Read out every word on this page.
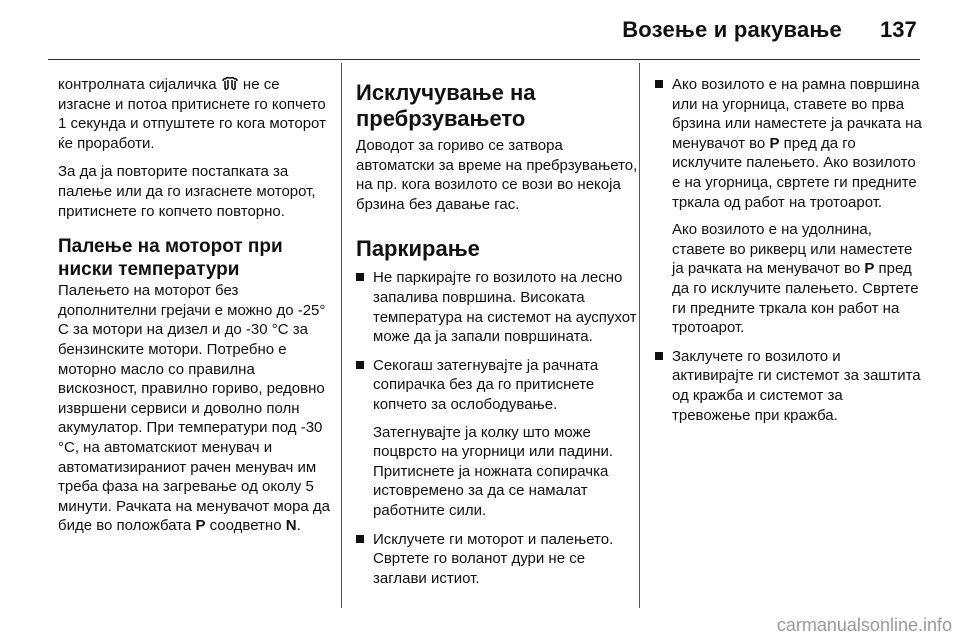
Возење и ракување 137

контролната сијаличка не се изгасне и потоа притиснете го копчето 1 секунда и отпуштете го кога моторот ќе проработи.

За да ја повторите постапката за палење или да го изгаснете моторот, притиснете го копчето повторно.

Палење на моторот при ниски температури

Палењето на моторот без дополнителни грејачи е можно до -25° C за мотори на дизел и до -30 °C за бензинските мотори. Потребно е моторно масло со правилна вискозност, правилно гориво, редовно извршени сервиси и доволно полн акумулатор. При температури под -30 °C, на автоматскиот менувач и автоматизираниот рачен менувач им треба фаза на загревање од околу 5 минути. Рачката на менувачот мора да биде во положбата P соодветно N.

Исклучување на пребрзувањето

Доводот за гориво се затвора автоматски за време на пребрзувањето, на пр. кога возилото се вози во некоја брзина без давање гас.

Паркирање

Не паркирајте го возилото на лесно запалива површина. Високата температура на системот на ауспухот може да ја запали површината.

Секогаш затегнувајте ја рачната сопирачка без да го притиснете копчето за ослободување.

Затегнувајте ја колку што може поцврсто на угорници или падини. Притиснете ја ножната сопирачка истовремено за да се намалат работните сили.

Исклучете ги моторот и палењето. Свртете го воланот дури не се заглави истиот.

Ако возилото е на рамна површина или на угорница, ставете во прва брзина или наместете ја рачката на менувачот во P пред да го исклучите палењето. Ако возилото е на угорница, свртете ги предните тркала од работ на тротоарот.

Ако возилото е на удолнина, ставете во рикверц или наместете ја рачката на менувачот во P пред да го исклучите палењето. Свртете ги предните тркала кон работ на тротоарот.

Заклучете го возилото и активирајте ги системот за заштита од кражба и системот за тревожење при кражба.

carmanualsonline.info
